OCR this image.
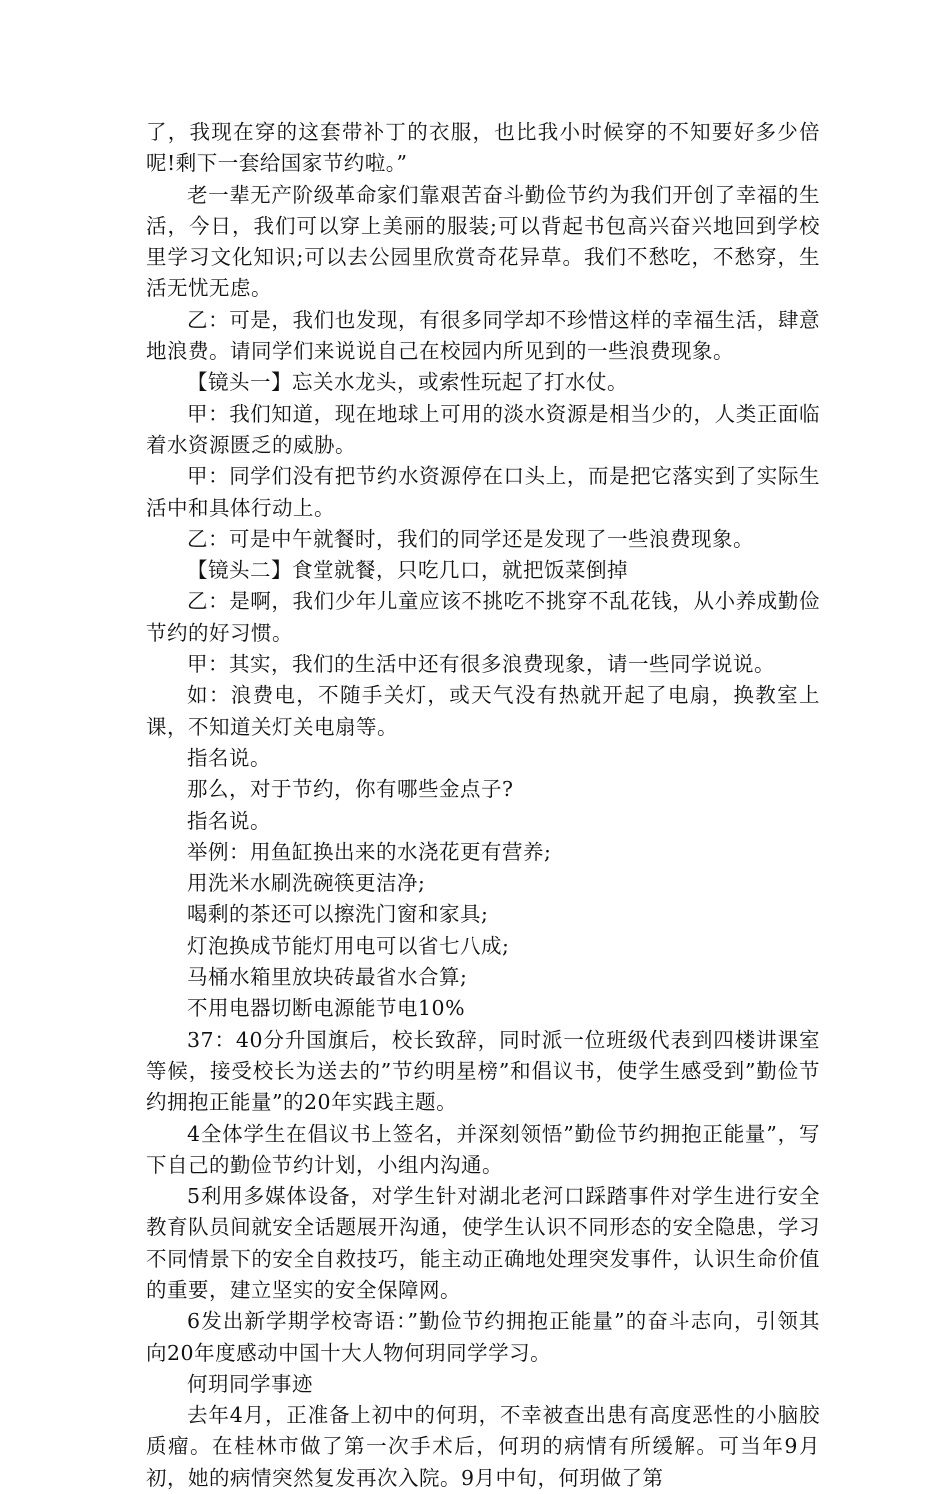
了，我现在穿的这套带补丁的衣服，也比我小时候穿的不知要好多少倍呢!剩下一套给国家节约啦。”

老一辈无产阶级革命家们靠艰苦奋斗勤俭节约为我们开创了幸福的生活，今日，我们可以穿上美丽的服装;可以背起书包高兴奋兴地回到学校里学习文化知识;可以去公园里欣赏奇花异草。我们不愁吃，不愁穿，生活无忧无虑。

乙：可是，我们也发现，有很多同学却不珍惜这样的幸福生活，肆意地浪费。请同学们来说说自己在校园内所见到的一些浪费现象。

【镜头一】忘关水龙头，或索性玩起了打水仗。

甲：我们知道，现在地球上可用的淡水资源是相当少的，人类正面临着水资源匮乏的威胁。

甲：同学们没有把节约水资源停在口头上，而是把它落实到了实际生活中和具体行动上。

乙：可是中午就餐时，我们的同学还是发现了一些浪费现象。

【镜头二】食堂就餐，只吃几口，就把饭菜倒掉

乙：是啊，我们少年儿童应该不挑吃不挑穿不乱花钱，从小养成勤俭节约的好习惯。

甲：其实，我们的生活中还有很多浪费现象，请一些同学说说。

如：浪费电，不随手关灯，或天气没有热就开起了电扇，换教室上课，不知道关灯关电扇等。

指名说。

那么，对于节约，你有哪些金点子?

指名说。

举例：用鱼缸换出来的水浇花更有营养;

用洗米水刷洗碗筷更洁净;

喝剩的茶还可以擦洗门窗和家具;

灯泡换成节能灯用电可以省七八成;

马桶水箱里放块砖最省水合算;

不用电器切断电源能节电10%

37：40分升国旗后，校长致辞，同时派一位班级代表到四楼讲课室等候，接受校长为送去的”节约明星榜”和倡议书，使学生感受到”勤俭节约拥抱正能量”的20年实践主题。

4全体学生在倡议书上签名，并深刻领悟”勤俭节约拥抱正能量”，写下自己的勤俭节约计划，小组内沟通。

5利用多媒体设备，对学生针对湖北老河口踩踏事件对学生进行安全教育队员间就安全话题展开沟通，使学生认识不同形态的安全隐患，学习不同情景下的安全自救技巧，能主动正确地处理突发事件，认识生命价值的重要，建立坚实的安全保障网。

6发出新学期学校寄语：”勤俭节约拥抱正能量”的奋斗志向，引领其向20年度感动中国十大人物何玥同学学习。

何玥同学事迹

去年4月，正准备上初中的何玥，不幸被查出患有高度恶性的小脑胶质瘤。在桂林市做了第一次手术后，何玥的病情有所缓解。可当年9月初，她的病情突然复发再次入院。9月中旬，何玥做了第
